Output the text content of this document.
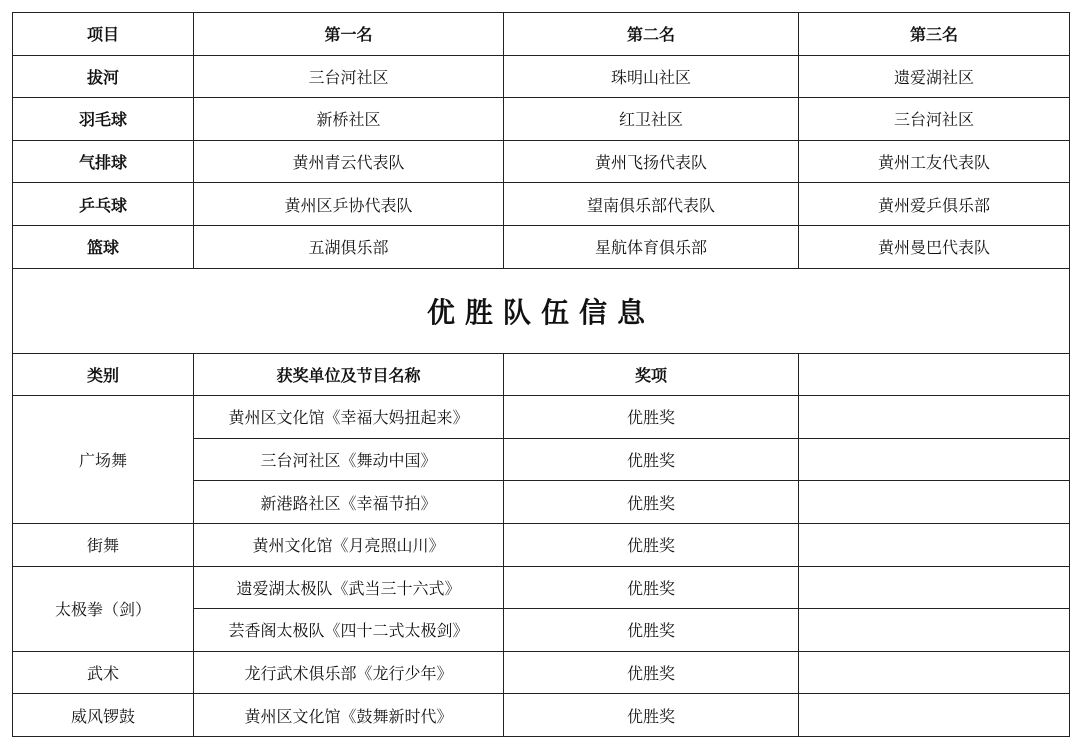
项目	第一名	第二名	第三名
拔河	三台河社区	珠明山社区	遗爱湖社区
羽毛球	新桥社区	红卫社区	三台河社区
气排球	黄州青云代表队	黄州飞扬代表队	黄州工友代表队
乒乓球	黄州区乒协代表队	望南俱乐部代表队	黄州爱乒俱乐部
篮球	五湖俱乐部	星航体育俱乐部	黄州曼巴代表队
优胜队伍信息			
类别	获奖单位及节目名称	奖项	
广场舞	黄州区文化馆《幸福大妈扭起来》	优胜奖	
	三台河社区《舞动中国》	优胜奖	
	新港路社区《幸福节拍》	优胜奖	
街舞	黄州文化馆《月亮照山川》	优胜奖	
太极拳（剑）	遗爱湖太极队《武当三十六式》	优胜奖	
	芸香阁太极队《四十二式太极剑》	优胜奖	
武术	龙行武术俱乐部《龙行少年》	优胜奖	
威风锣鼓	黄州区文化馆《鼓舞新时代》	优胜奖	
